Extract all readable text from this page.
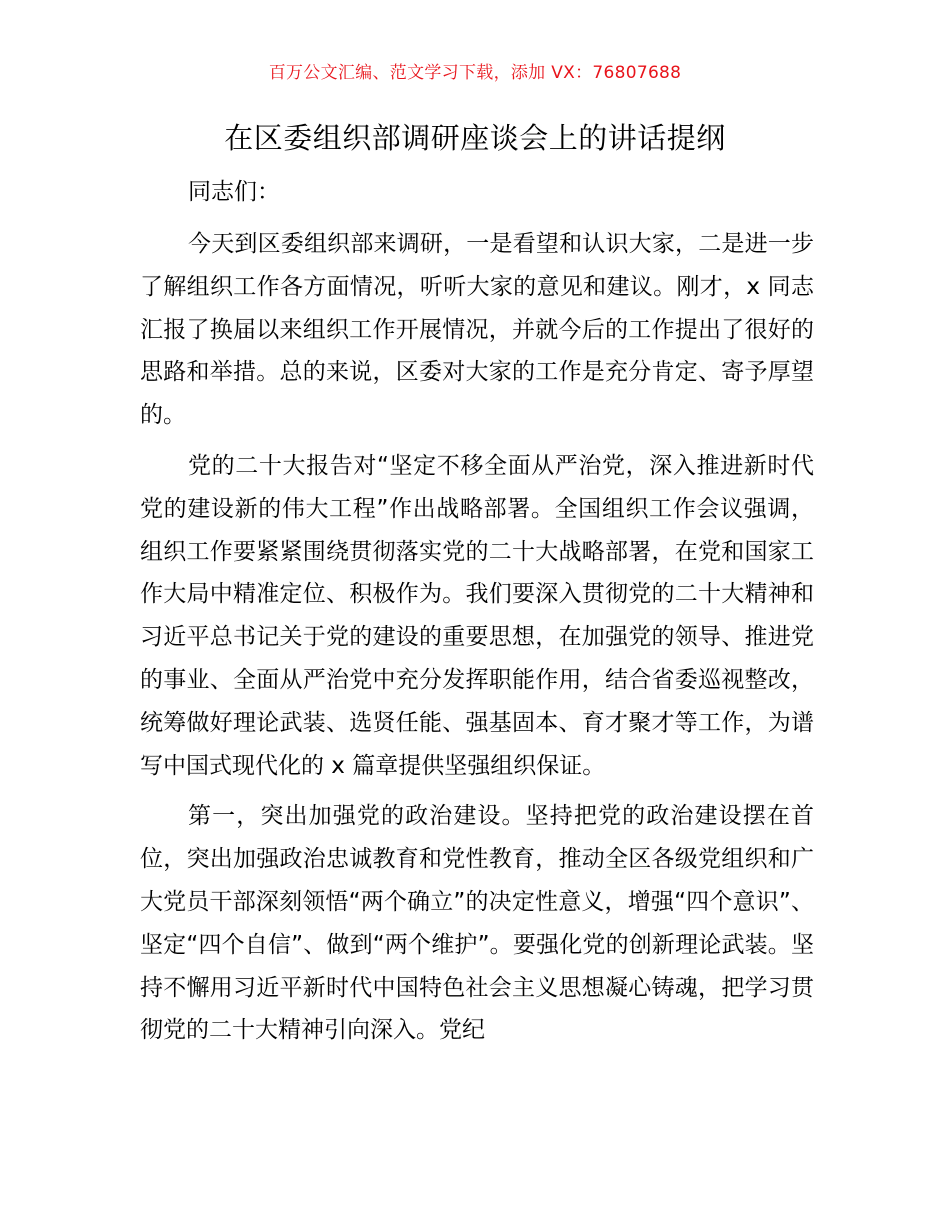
百万公文汇编、范文学习下载，添加 VX：76807688
在区委组织部调研座谈会上的讲话提纲
同志们：

今天到区委组织部来调研，一是看望和认识大家，二是进一步了解组织工作各方面情况，听听大家的意见和建议。刚才，x 同志汇报了换届以来组织工作开展情况，并就今后的工作提出了很好的思路和举措。总的来说，区委对大家的工作是充分肯定、寄予厚望的。

党的二十大报告对“坚定不移全面从严治党，深入推进新时代党的建设新的伟大工程”作出战略部署。全国组织工作会议强调，组织工作要紧紧围绕贯彻落实党的二十大战略部署，在党和国家工作大局中精准定位、积极作为。我们要深入贯彻党的二十大精神和习近平总书记关于党的建设的重要思想，在加强党的领导、推进党的事业、全面从严治党中充分发挥职能作用，结合省委巡视整改，统筹做好理论武装、选贤任能、强基固本、育才聚才等工作，为谱写中国式现代化的 x 篇章提供坚强组织保证。

第一，突出加强党的政治建设。坚持把党的政治建设摆在首位，突出加强政治忠诚教育和党性教育，推动全区各级党组织和广大党员干部深刻领悟“两个确立”的决定性意义，增强“四个意识”、坚定“四个自信”、做到“两个维护”。要强化党的创新理论武装。坚持不懈用习近平新时代中国特色社会主义思想凝心铸魂，把学习贯彻党的二十大精神引向深入。党纪
